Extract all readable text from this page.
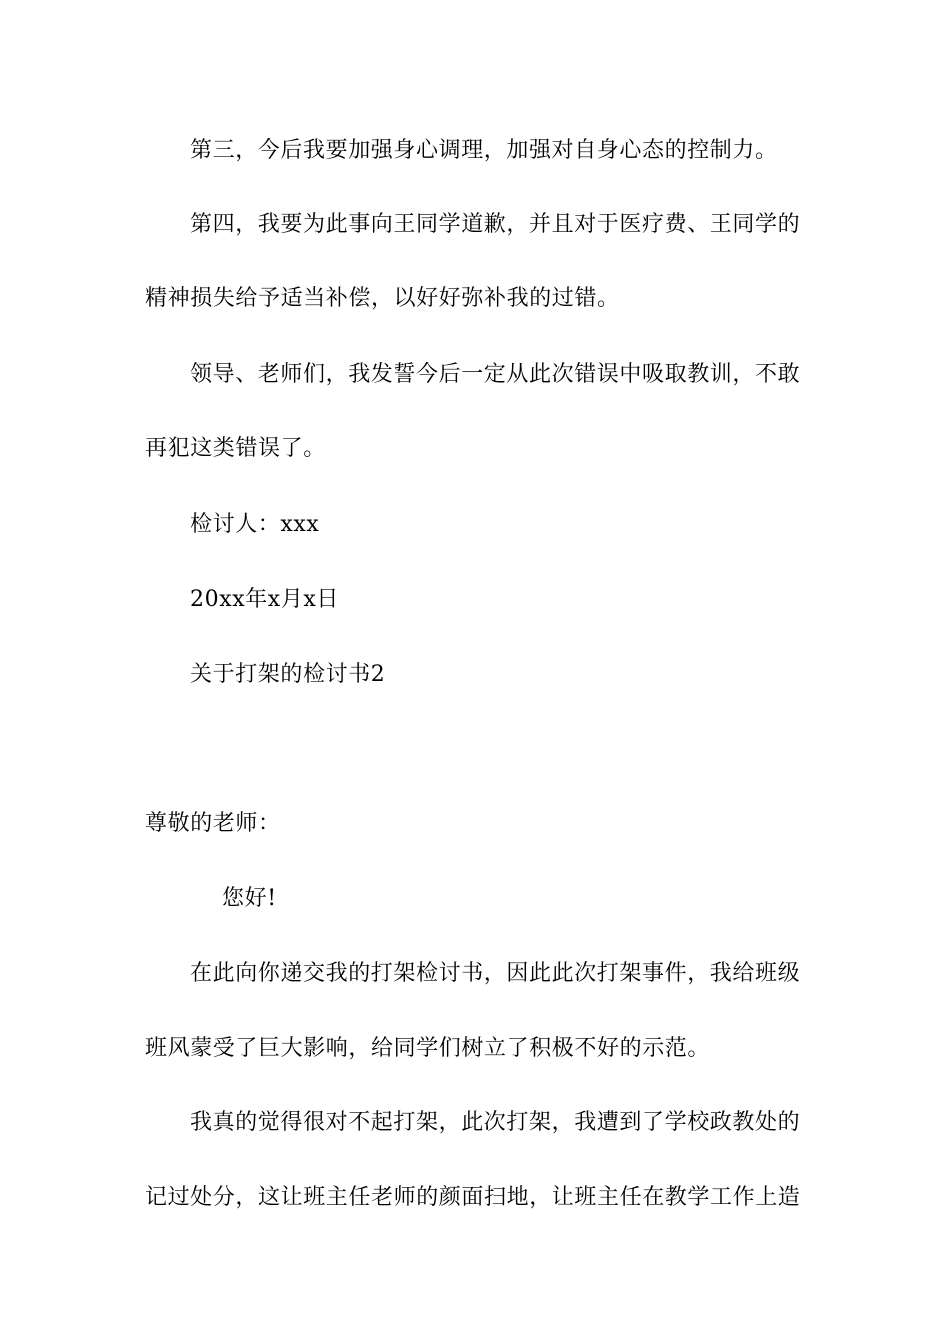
第三，今后我要加强身心调理，加强对自身心态的控制力。
第四，我要为此事向王同学道歉，并且对于医疗费、王同学的
精神损失给予适当补偿，以好好弥补我的过错。
领导、老师们，我发誓今后一定从此次错误中吸取教训，不敢
再犯这类错误了。
检讨人：xxx
20xx年x月x日
关于打架的检讨书2
尊敬的老师：
您好!
在此向你递交我的打架检讨书，因此此次打架事件，我给班级
班风蒙受了巨大影响，给同学们树立了积极不好的示范。
我真的觉得很对不起打架，此次打架，我遭到了学校政教处的
记过处分，这让班主任老师的颜面扫地，让班主任在教学工作上造
